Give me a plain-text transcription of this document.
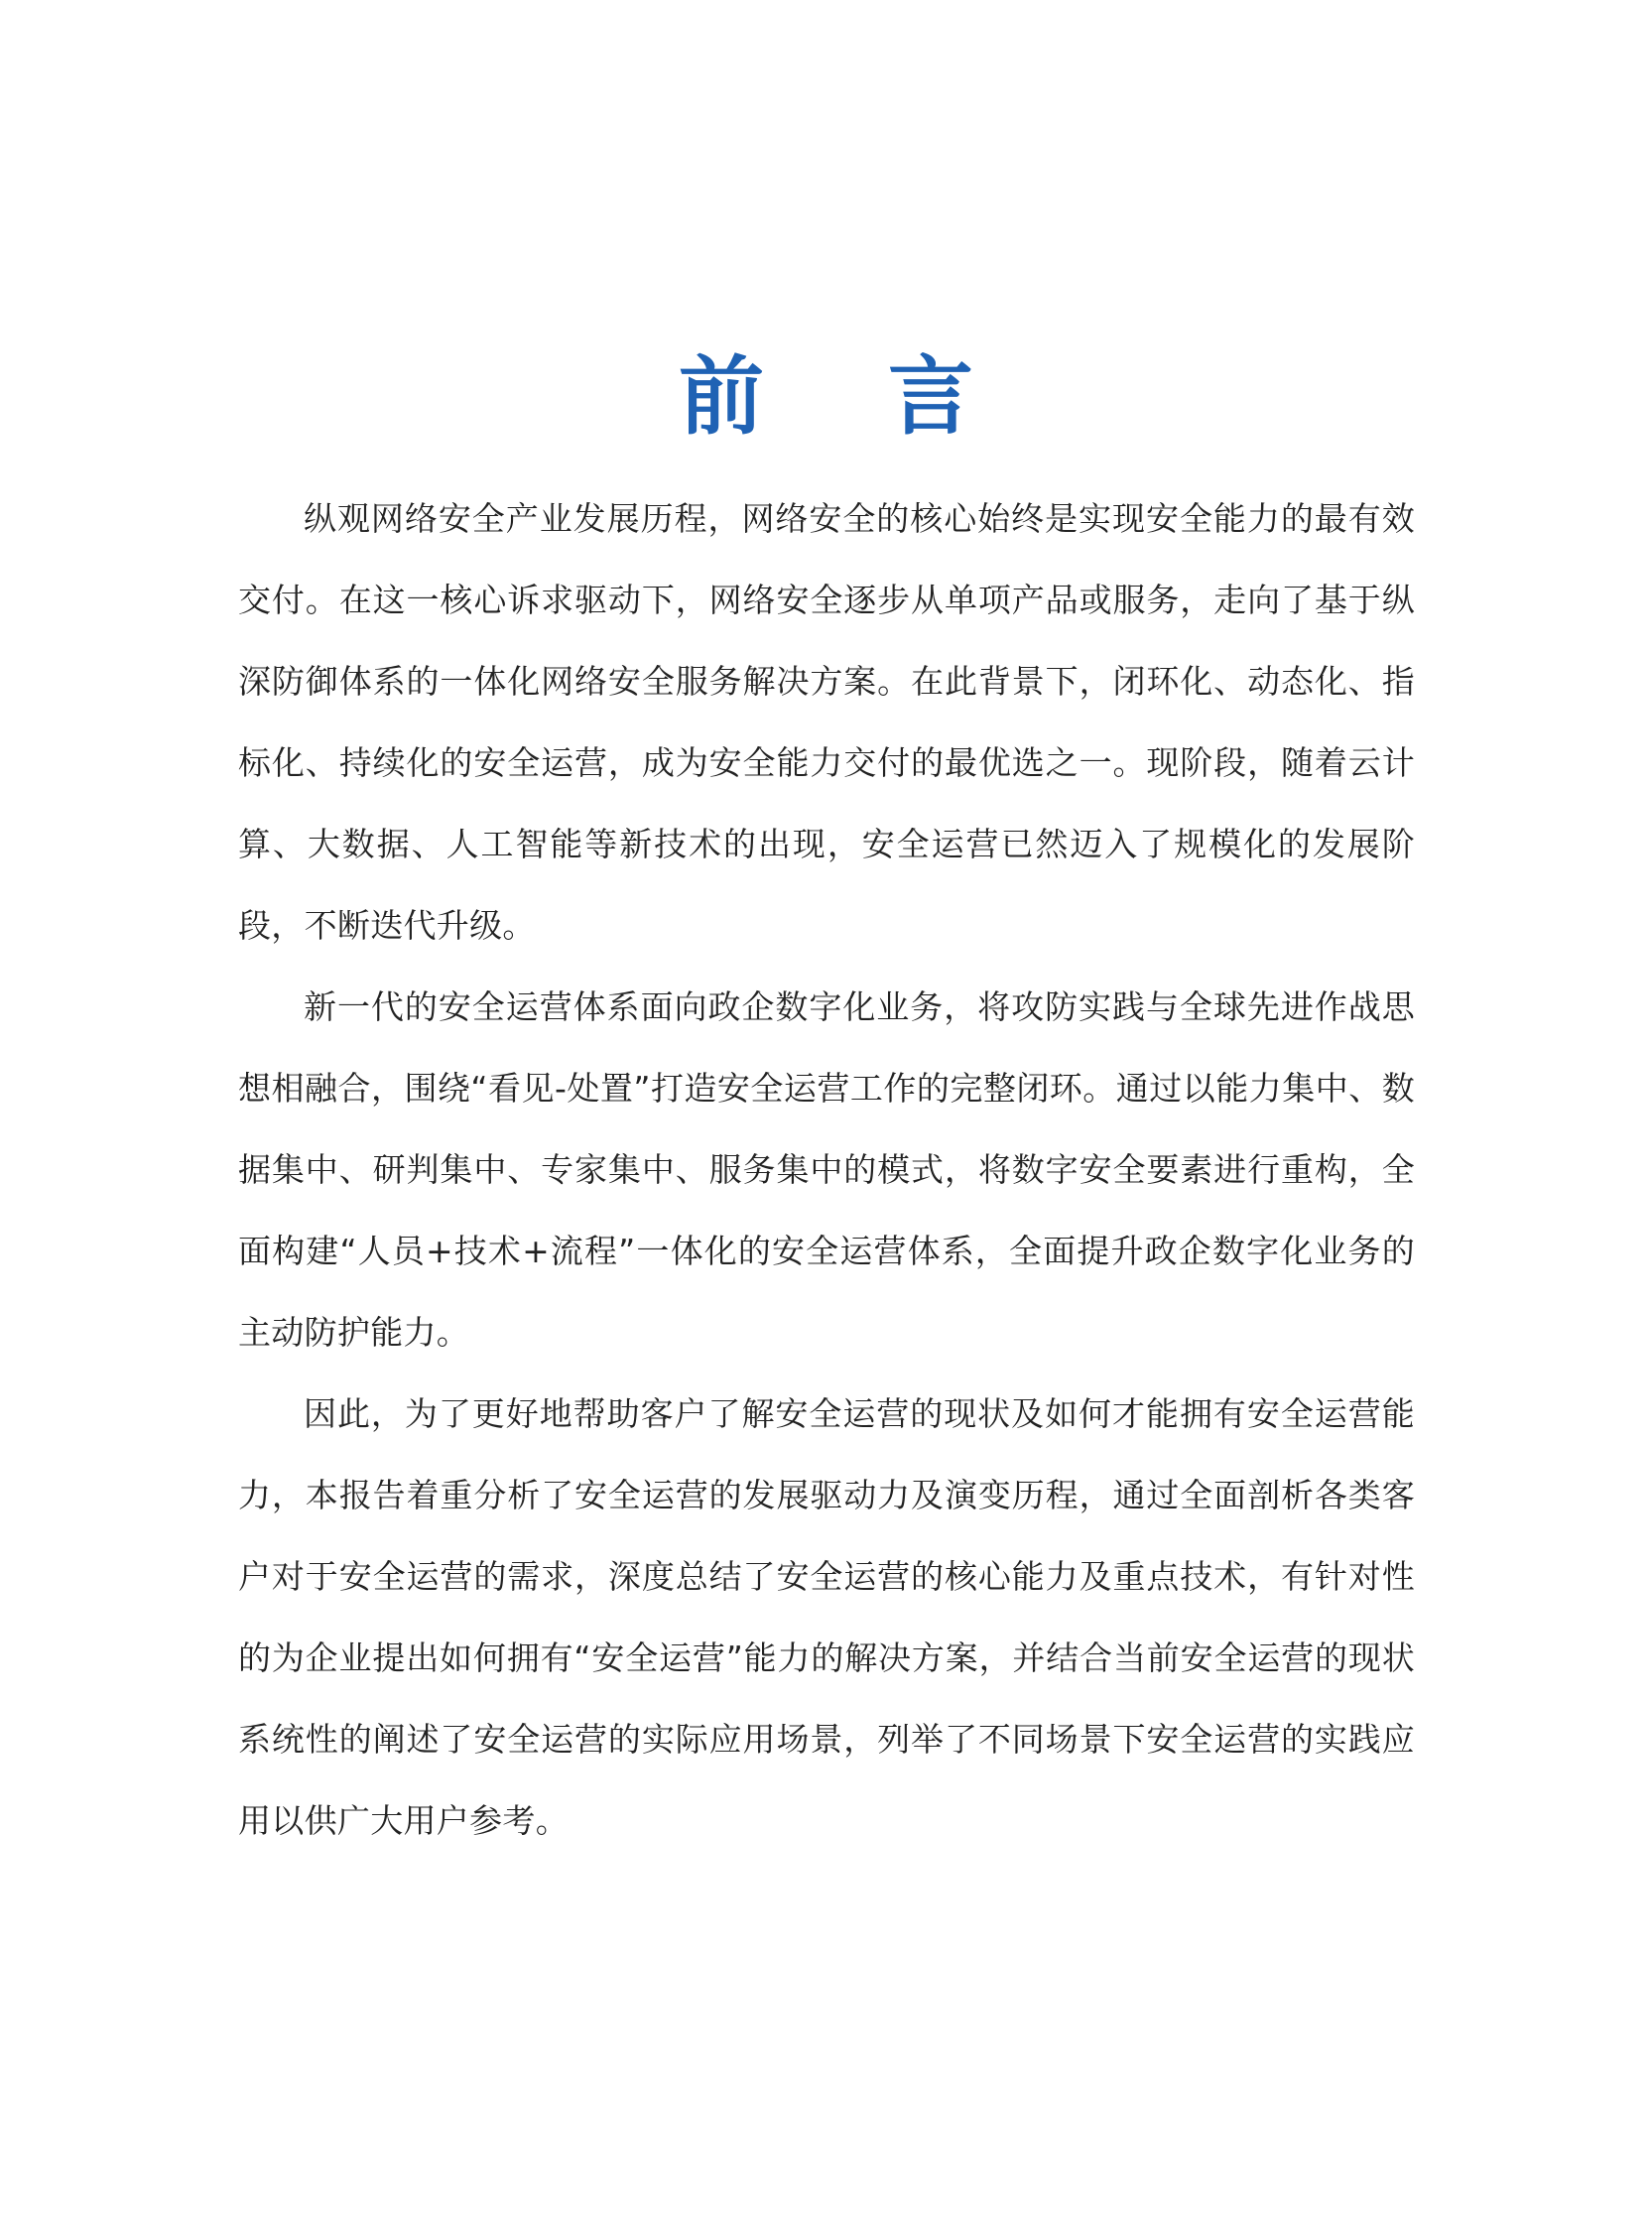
前 言

纵观网络安全产业发展历程，网络安全的核心始终是实现安全能力的最有效交付。在这一核心诉求驱动下，网络安全逐步从单项产品或服务，走向了基于纵深防御体系的一体化网络安全服务解决方案。在此背景下，闭环化、动态化、指标化、持续化的安全运营，成为安全能力交付的最优选之一。现阶段，随着云计算、大数据、人工智能等新技术的出现，安全运营已然迈入了规模化的发展阶段，不断迭代升级。

新一代的安全运营体系面向政企数字化业务，将攻防实践与全球先进作战思想相融合，围绕“看见-处置”打造安全运营工作的完整闭环。通过以能力集中、数据集中、研判集中、专家集中、服务集中的模式，将数字安全要素进行重构，全面构建“人员+技术+流程”一体化的安全运营体系，全面提升政企数字化业务的主动防护能力。

因此，为了更好地帮助客户了解安全运营的现状及如何才能拥有安全运营能力，本报告着重分析了安全运营的发展驱动力及演变历程，通过全面剖析各类客户对于安全运营的需求，深度总结了安全运营的核心能力及重点技术，有针对性的为企业提出如何拥有“安全运营”能力的解决方案，并结合当前安全运营的现状系统性的阐述了安全运营的实际应用场景，列举了不同场景下安全运营的实践应用以供广大用户参考。
